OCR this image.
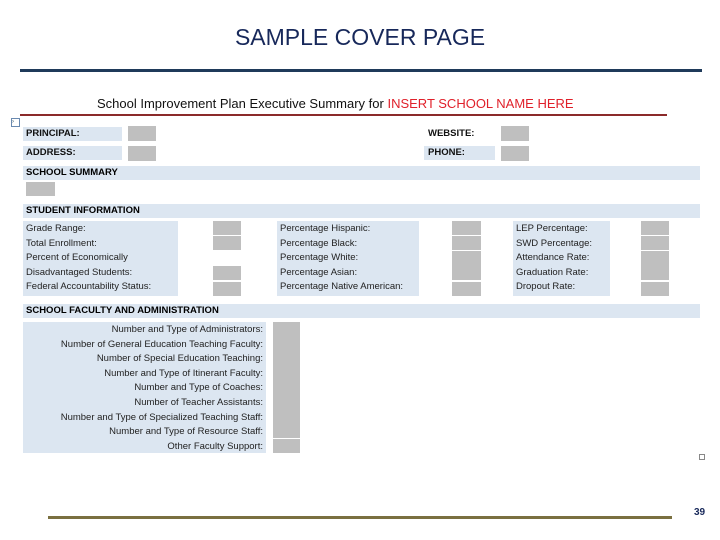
SAMPLE COVER PAGE
School Improvement Plan Executive Summary for INSERT SCHOOL NAME HERE
›
PRINCIPAL:
ADDRESS:
WEBSITE:
PHONE:
SCHOOL SUMMARY
STUDENT INFORMATION
Grade Range:
Total Enrollment:
Percent of Economically
Disadvantaged Students:
Federal Accountability Status:
Percentage Hispanic:
Percentage Black:
Percentage White:
Percentage Asian:
Percentage Native American:
LEP Percentage:
SWD Percentage:
Attendance Rate:
Graduation Rate:
Dropout Rate:
SCHOOL FACULTY AND ADMINISTRATION
Number and Type of Administrators:
Number of General Education Teaching Faculty:
Number of Special Education Teaching:
Number and Type of Itinerant Faculty:
Number and Type of Coaches:
Number of Teacher Assistants:
Number and Type of Specialized Teaching Staff:
Number and Type of Resource Staff:
Other Faculty Support:
39
